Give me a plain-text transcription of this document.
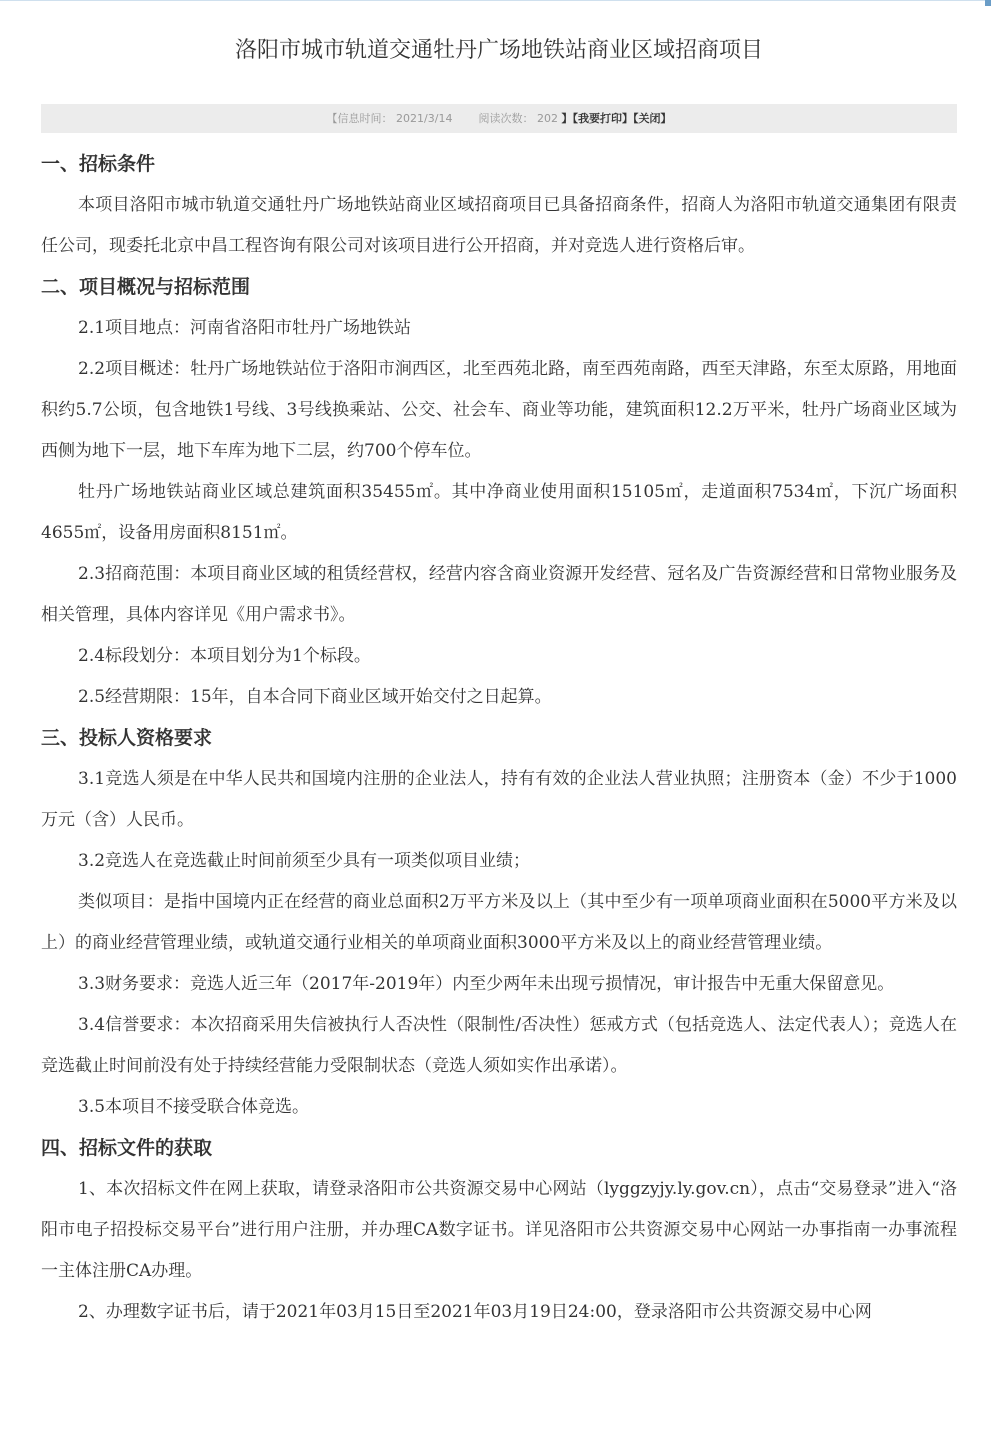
洛阳市城市轨道交通牡丹广场地铁站商业区域招商项目
【信息时间： 2021/3/14 阅读次数： 202 】【我要打印】【关闭】
一、招标条件

本项目洛阳市城市轨道交通牡丹广场地铁站商业区域招商项目已具备招商条件，招商人为洛阳市轨道交通集团有限责任公司，现委托北京中昌工程咨询有限公司对该项目进行公开招商，并对竞选人进行资格后审。

二、项目概况与招标范围

2.1项目地点：河南省洛阳市牡丹广场地铁站

2.2项目概述：牡丹广场地铁站位于洛阳市涧西区，北至西苑北路，南至西苑南路，西至天津路，东至太原路，用地面积约5.7公顷，包含地铁1号线、3号线换乘站、公交、社会车、商业等功能，建筑面积12.2万平米，牡丹广场商业区域为西侧为地下一层，地下车库为地下二层，约700个停车位。

牡丹广场地铁站商业区域总建筑面积35455㎡。其中净商业使用面积15105㎡，走道面积7534㎡，下沉广场面积4655㎡，设备用房面积8151㎡。

2.3招商范围：本项目商业区域的租赁经营权，经营内容含商业资源开发经营、冠名及广告资源经营和日常物业服务及相关管理，具体内容详见《用户需求书》。

2.4标段划分：本项目划分为1个标段。

2.5经营期限：15年，自本合同下商业区域开始交付之日起算。

三、投标人资格要求

3.1竞选人须是在中华人民共和国境内注册的企业法人，持有有效的企业法人营业执照；注册资本（金）不少于1000万元（含）人民币。

3.2竞选人在竞选截止时间前须至少具有一项类似项目业绩；

类似项目：是指中国境内正在经营的商业总面积2万平方米及以上（其中至少有一项单项商业面积在5000平方米及以上）的商业经营管理业绩，或轨道交通行业相关的单项商业面积3000平方米及以上的商业经营管理业绩。

3.3财务要求：竞选人近三年（2017年-2019年）内至少两年未出现亏损情况，审计报告中无重大保留意见。

3.4信誉要求：本次招商采用失信被执行人否决性（限制性/否决性）惩戒方式（包括竞选人、法定代表人）；竞选人在竞选截止时间前没有处于持续经营能力受限制状态（竞选人须如实作出承诺）。

3.5本项目不接受联合体竞选。

四、招标文件的获取

1、本次招标文件在网上获取，请登录洛阳市公共资源交易中心网站（lyggzyjy.ly.gov.cn），点击“交易登录”进入“洛阳市电子招投标交易平台”进行用户注册，并办理CA数字证书。详见洛阳市公共资源交易中心网站一办事指南一办事流程一主体注册CA办理。

2、办理数字证书后，请于2021年03月15日至2021年03月19日24:00，登录洛阳市公共资源交易中心网
